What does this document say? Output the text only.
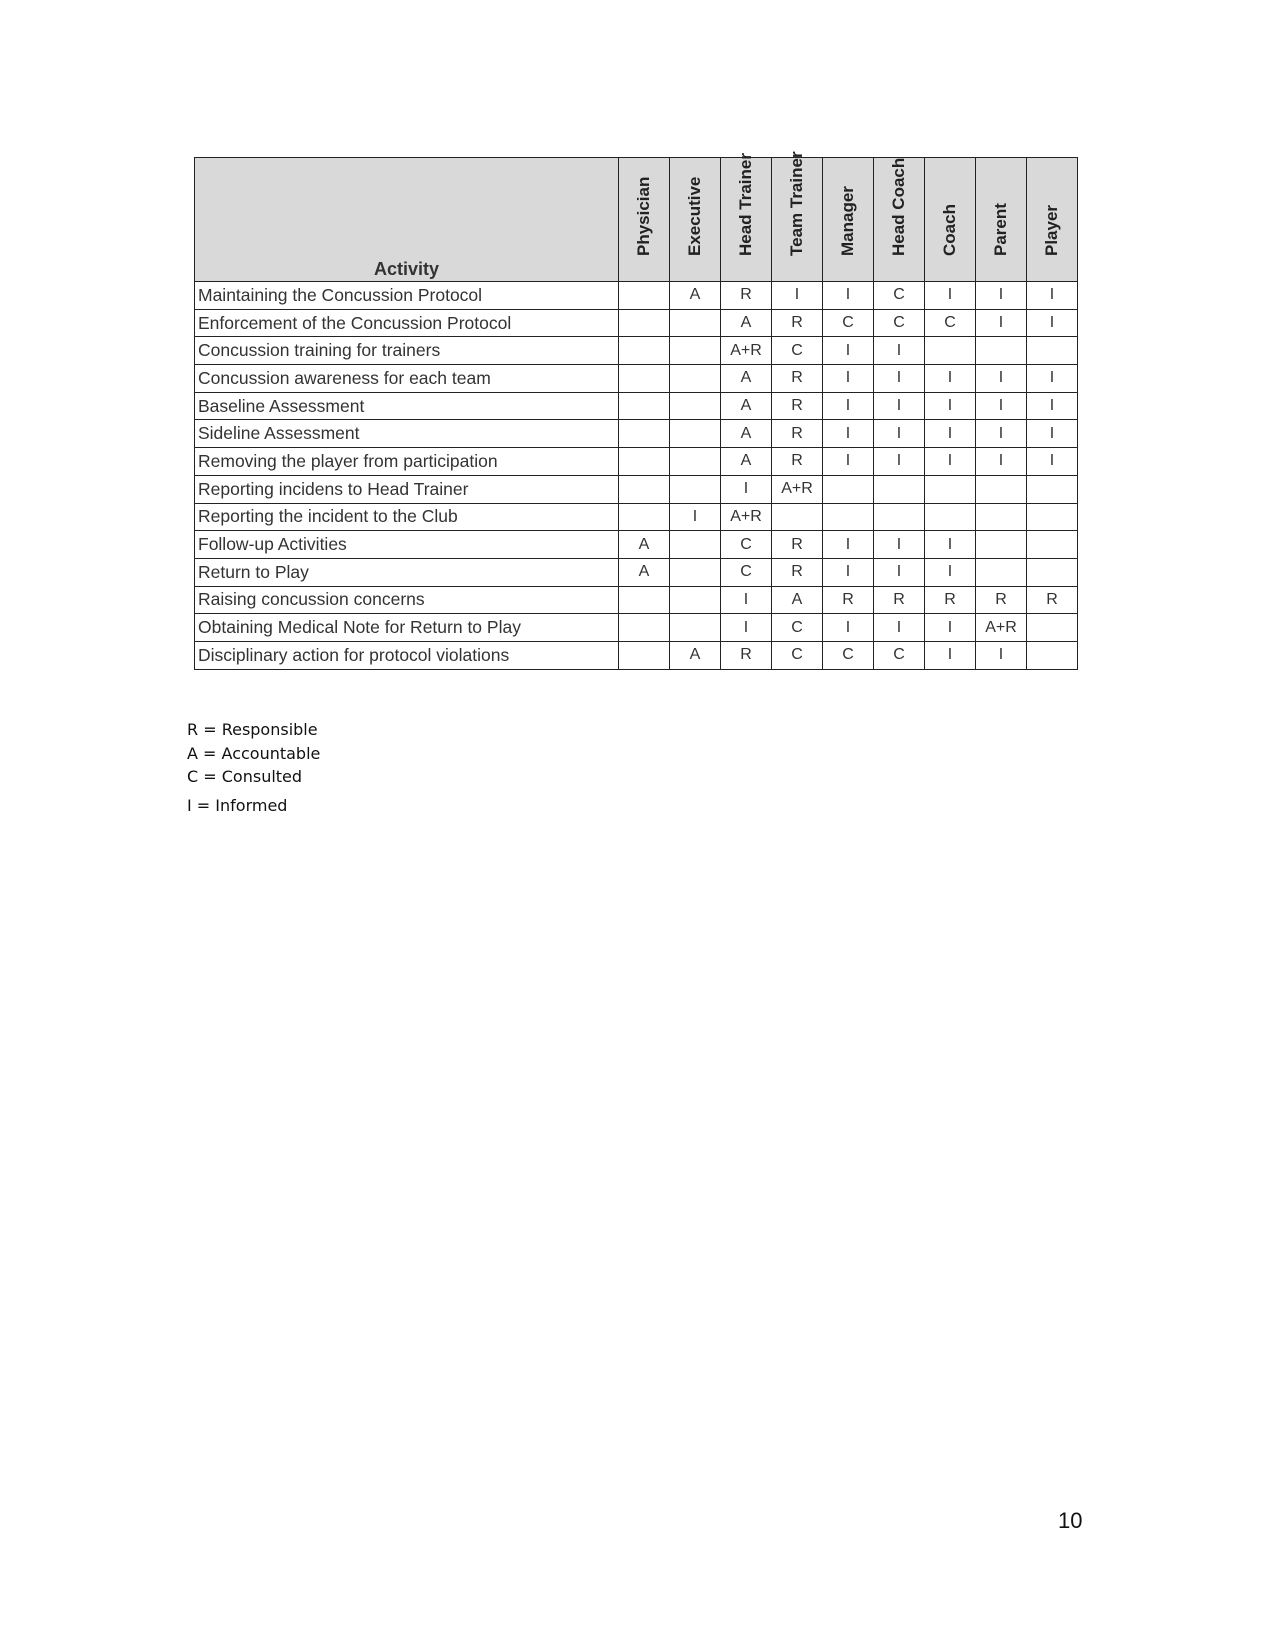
Activity	Physician	Executive	Head Trainer	Team Trainer	Manager	Head Coach	Coach	Parent	Player

Maintaining the Concussion Protocol		A	R	I	I	C	I	I	I
Enforcement of the Concussion Protocol			A	R	C	C	C	I	I
Concussion training for trainers			A+R	C	I	I			
Concussion awareness for each team			A	R	I	I	I	I	I
Baseline Assessment			A	R	I	I	I	I	I
Sideline Assessment			A	R	I	I	I	I	I
Removing the player from participation			A	R	I	I	I	I	I
Reporting incidens to Head Trainer			I	A+R					
Reporting the incident to the Club		I	A+R						
Follow-up Activities	A		C	R	I	I	I		
Return to Play	A		C	R	I	I	I		
Raising concussion concerns			I	A	R	R	R	R	R
Obtaining Medical Note for Return to Play			I	C	I	I	I	A+R	
Disciplinary action for protocol violations		A	R	C	C	C	I	I	
R = Responsible
A = Accountable
C = Consulted
I = Informed
10
